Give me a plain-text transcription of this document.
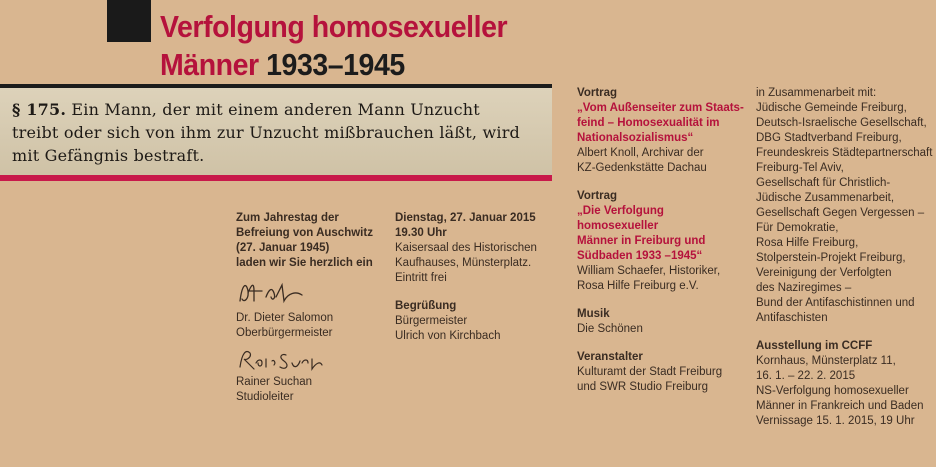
Verfolgung homosexueller
Männer 1933–1945
§ 175. Ein Mann, der mit einem anderen Mann Unzucht
treibt oder sich von ihm zur Unzucht mißbrauchen läßt, wird
mit Gefängnis bestraft.

Zum Jahrestag der

Befreiung von Auschwitz

(27. Januar 1945)

laden wir Sie herzlich ein

Dr. Dieter Salomon

Oberbürgermeister

Rainer Suchan

Studioleiter

Dienstag, 27. Januar 2015

19.30 Uhr

Kaisersaal des Historischen

Kaufhauses, Münsterplatz.

Eintritt frei

Begrüßung

Bürgermeister

Ulrich von Kirchbach

Vortrag

„Vom Außenseiter zum Staats-

feind – Homosexualität im

Nationalsozialismus“

Albert Knoll, Archivar der

KZ-Gedenkstätte Dachau

Vortrag

„Die Verfolgung homosexueller

Männer in Freiburg und

Südbaden 1933 –1945“

William Schaefer, Historiker,

Rosa Hilfe Freiburg e.V.

Musik

Die Schönen

Veranstalter

Kulturamt der Stadt Freiburg

und SWR Studio Freiburg

in Zusammenarbeit mit:

Jüdische Gemeinde Freiburg,

Deutsch-Israelische Gesellschaft,

DBG Stadtverband Freiburg,

Freundeskreis Städtepartnerschaft

Freiburg-Tel Aviv,

Gesellschaft für Christlich-

Jüdische Zusammenarbeit,

Gesellschaft Gegen Vergessen –

Für Demokratie,

Rosa Hilfe Freiburg,

Stolperstein-Projekt Freiburg,

Vereinigung der Verfolgten

des Naziregimes –

Bund der Antifaschistinnen und

Antifaschisten

Ausstellung im CCFF

Kornhaus, Münsterplatz 11,

16. 1. – 22. 2. 2015

NS-Verfolgung homosexueller

Männer in Frankreich und Baden

Vernissage 15. 1. 2015, 19 Uhr
